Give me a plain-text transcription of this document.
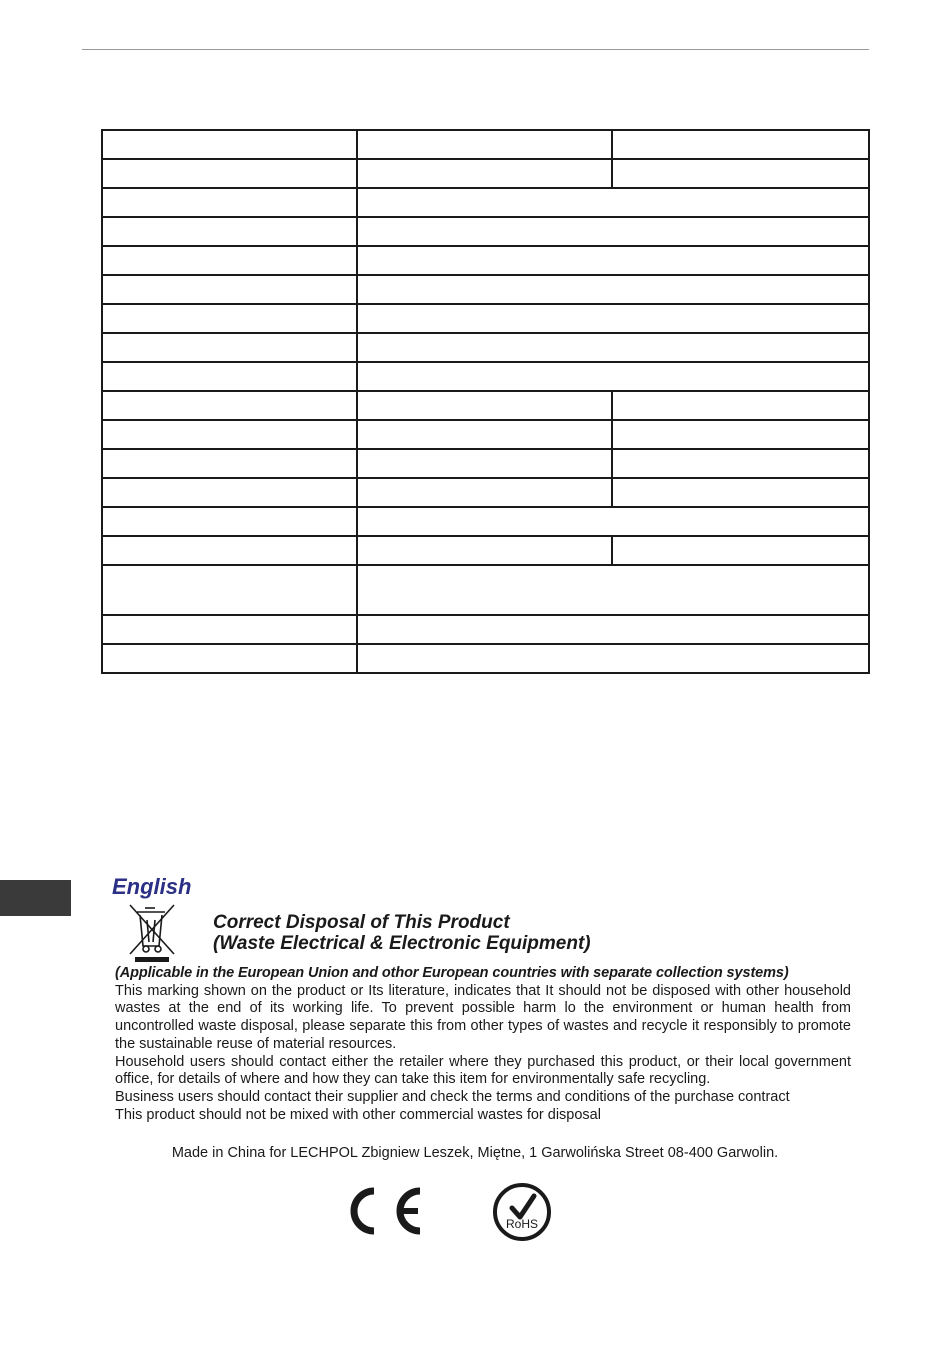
English
Correct Disposal of This Product
(Waste Electrical & Electronic Equipment)
(Applicable in the European Union and othor European countries with separate collection systems)

This marking shown on the product or Its literature, indicates that It should not be disposed with other household wastes at the end of its working life. To prevent possible harm lo the environment or human health from uncontrolled waste disposal, please separate this from other types of wastes and recycle it responsibly to promote the sustainable reuse of material resources.

Household users should contact either the retailer where they purchased this product, or their local government office, for details of where and how they can take this item for environmentally safe recycling.

Business users should contact their supplier and check the terms and conditions of the purchase contract

This product should not be mixed with other commercial wastes for disposal

Made in China for LECHPOL Zbigniew Leszek, Miętne, 1 Garwolińska Street 08-400 Garwolin.
RoHS
